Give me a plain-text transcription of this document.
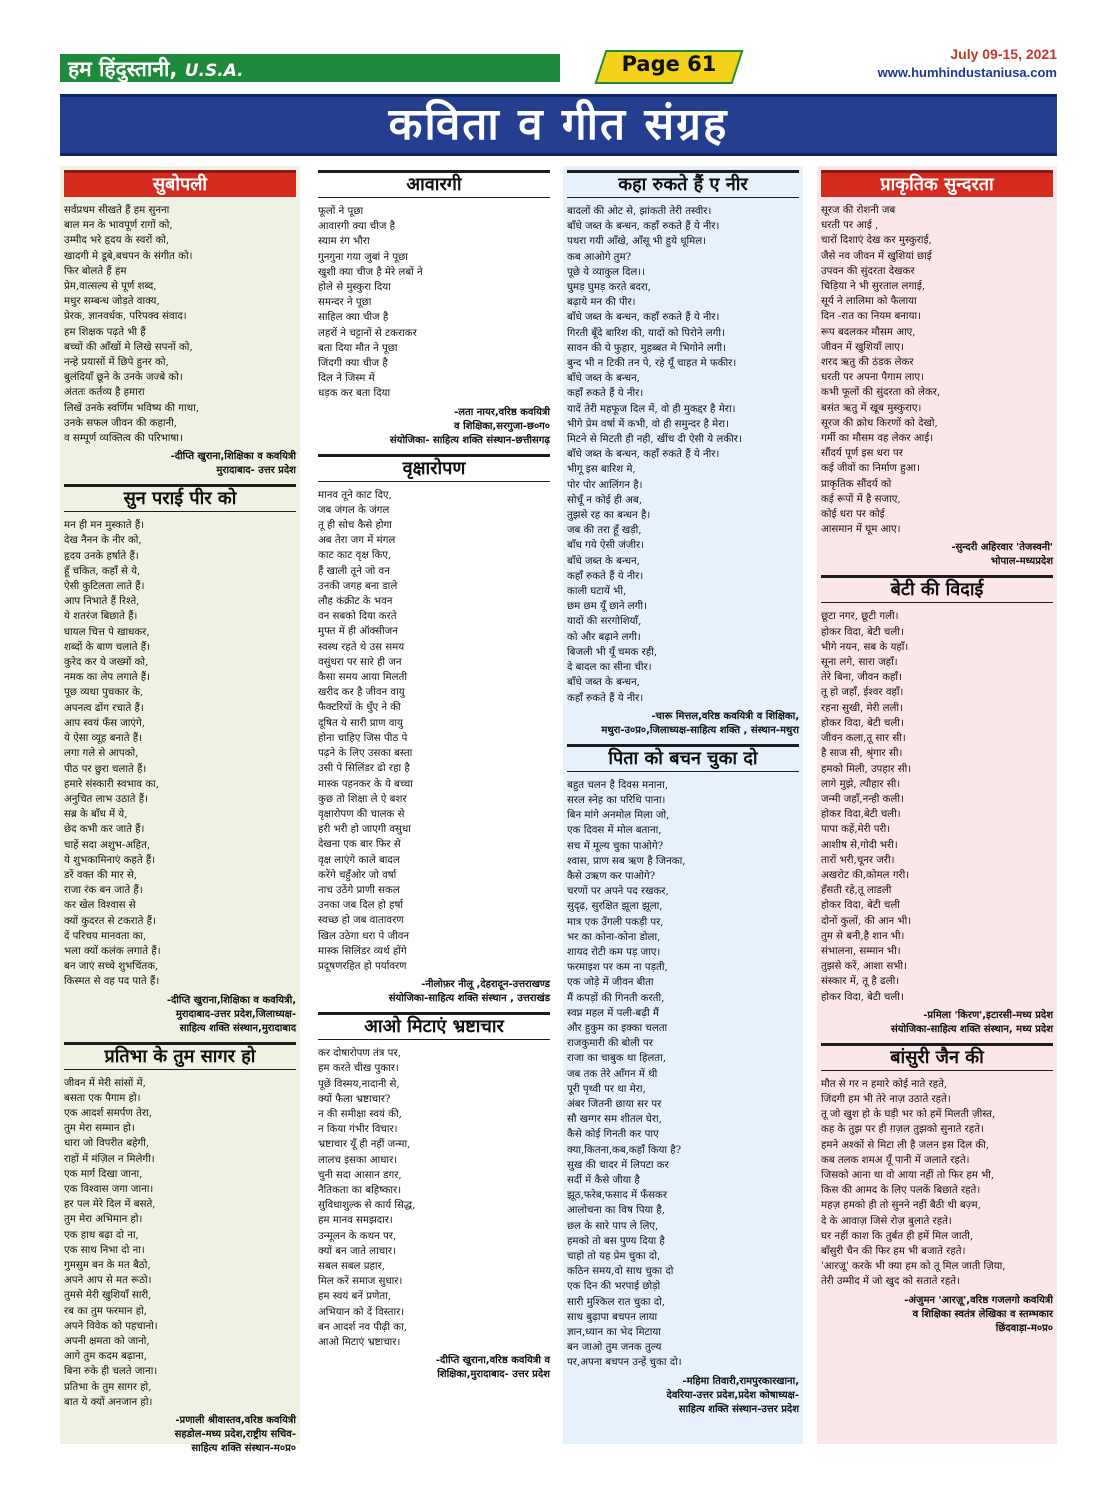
हम हिंदुस्तानी, U.S.A.	Page 61	July 09-15, 2021
www.humhindustaniusa.com
कविता व गीत संग्रह
सुबोपली
सर्वप्रथम सीखते हैं हम सुनना
बाल मन के भावपूर्ण रागों को,
उम्मीद भरे हृदय के स्वरों को,
खादगी मे डूबे,बचपन के संगीत को।
फिर बोलते हैं हम
प्रेम,वात्सल्य से पूर्ण शब्द,
मधुर सम्बन्ध जोड़ते वाक्य,
प्रेरक, ज्ञानवर्धक, परिपक्व संवाद।
हम शिक्षक पढ़ते भी हैं
बच्चों की आँखों मे लिखे सपनों को,
नन्हे प्रयासों में छिपे हुनर को,
बुलंदियाँ छूने के उनके जज्बे को।
अंततः कर्तव्य है हमारा
लिखें उनके स्वर्णिम भविष्य की गाथा,
उनके सफल जीवन की कहानी,
व सम्पूर्ण व्यक्तित्व की परिभाषा।
-दीप्ति खुराना,शिक्षिका व कवयित्री
मुरादाबाद- उत्तर प्रदेश
सुन पराई पीर को
मन ही मन मुस्काते हैं।
देख नैनन के नीर को,
हृदय उनके हर्षाते हैं।
हूँ चकित, कहाँ से ये,
ऐसी कुटिलता लाते हैं।
आप निभाते हैं रिश्ते,
ये शतरंज बिछाते हैं।
घायल चित्त पे खाधकर,
शब्दों के बाण चलाते हैं।
कुरेद कर ये जख्मों को,
नमक का लेप लगाते हैं।
पूछ व्यथा पुचकार के,
अपनत्व ढोंग रचाते हैं।
आप स्वयं फँस जाएंगे,
ये ऐसा व्यूह बनाते हैं।
लगा गले से आपको,
पीठ पर छुरा चलाते हैं।
हमारे संस्कारी स्वभाव का,
अनुचित लाभ उठाते हैं।
सब्र के बाँध में ये,
छेद कभी कर जाते हैं।
चाहें सदा अशुभ-अहित,
ये शुभकामिनाएं कहते हैं।
डरें वक्त की मार से,
राजा रंक बन जाते हैं।
कर खेल विश्वास से
क्यों कुदरत से टकराते हैं।
दें परिचय मानवता का,
भला क्यों कलंक लगाते हैं।
बन जाएं सच्चे शुभचिंतक,
किस्मत से वह पद पाते हैं।
-दीप्ति खुराना,शिक्षिका व कवयित्री,
मुरादाबाद-उत्तर प्रदेश,जिलाध्यक्ष-
साहित्य शक्ति संस्थान,मुरादाबाद
प्रतिभा के तुम सागर हो
जीवन में मेरी सांसों में,
बसता एक पैगाम हो।
एक आदर्श समर्पण तेरा,
तुम मेरा सम्मान हो।
धारा जो विपरीत बहेगी,
राहों में मंज़िल न मिलेगी।
एक मार्ग दिखा जाना,
एक विश्वास जगा जाना।
हर पल मेरे दिल में बसते,
तुम मेरा अभिमान हो।
एक हाथ बढ़ा दो ना,
एक साथ निभा दो ना।
गुमसुम बन के मत बैठो,
अपने आप से मत रूठो।
तुमसे मेरी खुशियाँ सारी,
रब का तुम फरमान हो,
अपने विवेक को पहचानो।
अपनी क्षमता को जानो,
आगे तुम कदम बढ़ाना,
बिना रुके ही चलते जाना।
प्रतिभा के तुम सागर हो,
बात ये क्यों अनजान हो।
-प्रणाली श्रीवास्तव,वरिष्ठ कवयित्री
सहडोल-मध्य प्रदेश,राष्ट्रीय सचिव-
साहित्य शक्ति संस्थान-म०प्र०
आवारगी
फूलों ने पूछा
आवारगी क्या चीज है
स्याम रंग भौरा
गुनगुना गया जुबां ने पूछा
खुशी क्या चीज है मेरे लबों ने
होले से मुस्कुरा दिया
समन्दर ने पूछा
साहिल क्या चीज है
लहरों ने चट्टानों से टकराकर
बता दिया मौत ने पूछा
जिंदगी क्या चीज है
दिल ने जिस्म में
धड़क कर बता दिया
-लता नायर,वरिष्ठ कवयित्री
व शिक्षिका,सरगुजा-छ०ग०
संयोजिका- साहित्य शक्ति संस्थान-छत्तीसगढ़
वृक्षारोपण
मानव तूने काट दिए,
जब जंगल के जंगल
तू ही सोच कैसे होगा
अब तेरा जग में मंगल
काट काट वृक्ष किए,
हैं खाली तूने जो वन
उनकी जगह बना डाले
लौह कंक्रीट के भवन
वन सबको दिया करते
मुफ्त में ही ऑक्सीजन
स्वस्थ रहते थे उस समय
वसुंधरा पर सारे ही जन
कैसा समय आया मिलती
खरीद कर है जीवन वायु
फैक्टरियों के धुँए ने की
दूषित ये सारी प्राण वायु
होना चाहिए जिस पीठ पे
पढ़ने के लिए उसका बस्ता
उसी पे सिलिंडर ढो रहा है
मास्क पहनकर के ये बच्चा
कुछ तो शिक्षा ले ऐ बशर
वृक्षारोपण की चालक से
हरी भरी हो जाएगी वसुधा
देखना एक बार फिर से
वृक्ष लाएंगे काले बादल
करेंगे चहुँओर जो वर्षा
नाच उठेंगे प्राणी सकल
उनका जब दिल हो हर्षा
स्वच्छ हो जब वातावरण
खिल उठेगा धरा पे जीवन
मास्क सिलिंडर व्यर्थ होंगे
प्रदूषणरहित हो पर्यावरण
-नीलोफ़र नीलू ,देहरादून-उत्तराखण्ड
संयोजिका-साहित्य शक्ति संस्थान , उत्तराखंड
आओ मिटाएं भ्रष्टाचार
कर दोषारोपण तंत्र पर,
हम करते चीख पुकार।
पूछें विस्मय,नादानी से,
क्यों फैला भ्रष्टाचार?
न की समीक्षा स्वयं की,
न किया गंभीर विचार।
भ्रष्टाचार यूँ ही नहीं जन्मा,
लालच इसका आधार।
चुनी सदा आसान डगर,
नैतिकता का बहिष्कार।
सुविधाशुल्क से कार्य सिद्ध,
हम मानव समझदार।
उन्मूलन के कथन पर,
क्यों बन जाते लाचार।
सबल सबल प्रहार,
मिल करें समाज सुधार।
हम स्वयं बनें प्रणेता,
अभियान को दें विस्तार।
बन आदर्श नव पीढ़ी का,
आओ मिटाएं भ्रष्टाचार।
-दीप्ति खुराना,वरिष्ठ कवयित्री व
शिक्षिका,मुरादाबाद- उत्तर प्रदेश
कहा रुकते हैं ए नीर
बादलों की ओट से, झांकती तेरी तस्वीर।
बाँधे जब्त के बन्धन, कहाँ रुकते हैं ये नीर।
पथरा गयी आँखे, आँसू भी हुये धूमिल।
कब आओगे तुम?
पूछे ये व्याकुल दिल।।
घुमड़ घुमड़ करते बदरा,
बढ़ाये मन की पीर।
बाँधे जब्त के बन्धन, कहाँ रुकते हैं ये नीर।
गिरती बूँदे बारिश की, यादों को पिरोने लगी।
सावन की ये फुहार, मुहब्बत मे भिगोने लगी।
बुन्द भी न टिकी तन पे, रहे यूँ चाहत मे फकीर।
बाँधे जब्त के बन्धन,
कहाँ रुकते हैं ये नीर।
यादें तेरी महफूज दिल में, वो ही मुकद्दर है मेरा।
भीगे प्रेम वर्षा में कभी, वो ही समुन्दर है मेरा।
मिटने से मिटती ही नही, खींच दी ऐसी ये लकीर।
बाँधे जब्त के बन्धन, कहाँ रुकते हैं ये नीर।
भीगू इस बारिश मे,
पोर पोर आलिंगन है।
सोचूँ न कोई ही अब,
तुझसे रह का बन्धन है।
जब की तरा हूँ खड़ी,
बाँध गये ऐसी जंजीर।
बाँधे जब्त के बन्धन,
कहाँ रुकते हैं ये नीर।
काली घटायें भी,
छम छम यूँ छाने लगी।
यादों की सरगोशियाँ,
को और बढ़ाने लगी।
बिजली भी यूँ चमक रही,
दे बादल का सीना चीर।
बाँधे जब्त के बन्धन,
कहाँ रुकते हैं ये नीर।
-चारू मित्तल,वरिष्ठ कवयित्री व शिक्षिका,
मथुरा-उ०प्र०,जिलाध्यक्ष-साहित्य शक्ति , संस्थान-मथुरा
पिता को बचन चुका दो
बहुत चलन है दिवस मनाना,
सरल स्नेह का परिधि पाना।
बिन मांगे अनमोल मिला जो,
एक दिवस में मोल बताना,
सच में मूल्य चुका पाओगे?
श्वास, प्राण सब ऋण है जिनका,
कैसे उऋण कर पाओगे?
चरणों पर अपने पद रखकर,
सुदृढ़, सुरक्षित झूला झूला,
मात्र एक उँगली पकड़ी पर,
भर का कोना-कोना डोला,
शायद रोटी कम पड़ जाए।
फरमाइश पर कम ना पड़ती,
एक जोड़े में जीवन बीता
मैं कपड़ों की गिनती करती,
स्वप्न महल में पली-बढ़ी मैं
और हुकुम का इक्का चलता
राजकुमारी की बोली पर
राजा का चाबुक था हिलता,
जब तक तेरे आँगन में थी
पूरी पृथ्वी पर था मेरा,
अंबर जितनी छाया सर पर
सौ खग्गर सम शीतल घेरा,
कैसे कोई गिनती कर पाए
क्या,कितना,कब,कहाँ किया है?
सुख की चादर में लिपटा कर
सर्दी में कैसे जीया है
झूठ,फरेब,फसाद में फँसकर
आलोचना का विष पिया है,
छल के सारे पाप ले लिए,
हमको तो बस पुण्य दिया है
चाहो तो यह प्रेम चुका दो,
कठिन समय,वो साथ चुका दो
एक दिन की भरपाई छोड़ो
सारी मुश्किल रात चुका दो,
साथ बुढ़ापा बचपन लाया
ज्ञान,ध्यान का भेद मिटाया
बन जाओ तुम जनक तुल्य
पर,अपना बचपन उन्हें चुका दो।
-महिमा तिवारी,रामपुरकारखाना,
देवरिया-उत्तर प्रदेश,प्रदेश कोषाध्यक्ष-
साहित्य शक्ति संस्थान-उत्तर प्रदेश
प्राकृतिक सुन्दरता
सूरज की रोशनी जब
धरती पर आई ,
चारों दिशाएं देख कर मुस्कुराई,
जैसे नव जीवन में खुशियां छाई
उपवन की सुंदरता देखकर
चिड़िया ने भी सुरताल लगाई,
सूर्य ने लालिमा को फैलाया
दिन -रात का नियम बनाया।
रूप बदलकर मौसम आए,
जीवन में खुशियाँ लाए।
शरद ऋतु की ठंडक लेकर
धरती पर अपना पैगाम लाए।
कभी फूलों की सुंदरता को लेकर,
बसंत ऋतु में खूब मुस्कुराए।
सूरज की क्रोध किरणों को देखो,
गर्मी का मौसम वह लेकर आई।
सौंदर्य पूर्ण इस धरा पर
कई जीवों का निर्माण हुआ।
प्राकृतिक सौंदर्य को
कई रूपों में है सजाए,
कोई धरा पर कोई
आसमान में घूम आए।
-सुन्दरी अहिरवार 'तेजस्वनी'
भोपाल-मध्यप्रदेश
बेटी की विदाई
छूटा नगर, छूटी गली।
होकर विदा, बेटी चली।
भीगे नयन, सब के यहाँ।
सूना लगे, सारा जहाँ।
तेरे बिना, जीवन कहाँ।
तू हो जहाँ, ईश्वर वहाँ।
रहना सुखी, मेरी लली।
होकर विदा, बेटी चली।
जीवन कला,तू सार सी।
है साज सी, श्रृंगार सी।
हमको मिली, उपहार सी।
लागे मुझे, त्यौहार सी।
जन्मी जहाँ,नन्ही कली।
होकर विदा,बेटी चली।
पापा कहें,मेरी परी।
आशीष से,गोदी भरी।
तारों भरी,चूनर जरी।
अखरोट की,कोमल गरी।
हँसती रहे,तू लाडली
होकर विदा, बेटी चली
दोनों कुलों, की आन भी।
तुम से बनी,है शान भी।
संभालना, सम्मान भी।
तुझसे करें, आशा सभी।
संस्कार में, तू है ढली।
होकर विदा, बेटी चली।
-प्रमिला 'किरण',इटारसी-मध्य प्रदेश
संयोजिका-साहित्य शक्ति संस्थान, मध्य प्रदेश
बांसुरी जैन की
मौत से गर न हमारे कोई नाते रहते,
जिंदगी हम भी तेरे नाज़ उठाते रहते।
तू जो खुश हो के घड़ी भर को हमें मिलती ज़ीस्त,
कह के तुझ पर ही ग़ज़ल तुझको सुनाते रहते।
हमने अश्कों से मिटा ली है जलन इस दिल की,
कब तलक शमअ यूँ पानी में जलाते रहते।
जिसको आना था वो आया नहीं तो फिर हम भी,
किस की आमद के लिए पलकें बिछाते रहते।
महज़ हमको ही तो सुनने नहीं बैठी थी बज़्म,
दे के आवाज़ जिसे रोज़ बुलाते रहते।
घर नहीं काश कि तुर्बत ही हमें मिल जाती,
बाँसुरी चैन की फिर हम भी बजाते रहते।
'आरज़ू' करके भी क्या हम को तू मिल जाती ज़िया,
तेरी उम्मीद में जो खुद को सताते रहते।
-अंजुमन 'आरज़ू',वरिष्ठ गजलगो कवयित्री
व शिक्षिका स्वतंत्र लेखिका व स्तम्भकार
छिंदवाड़ा-म०प्र०
